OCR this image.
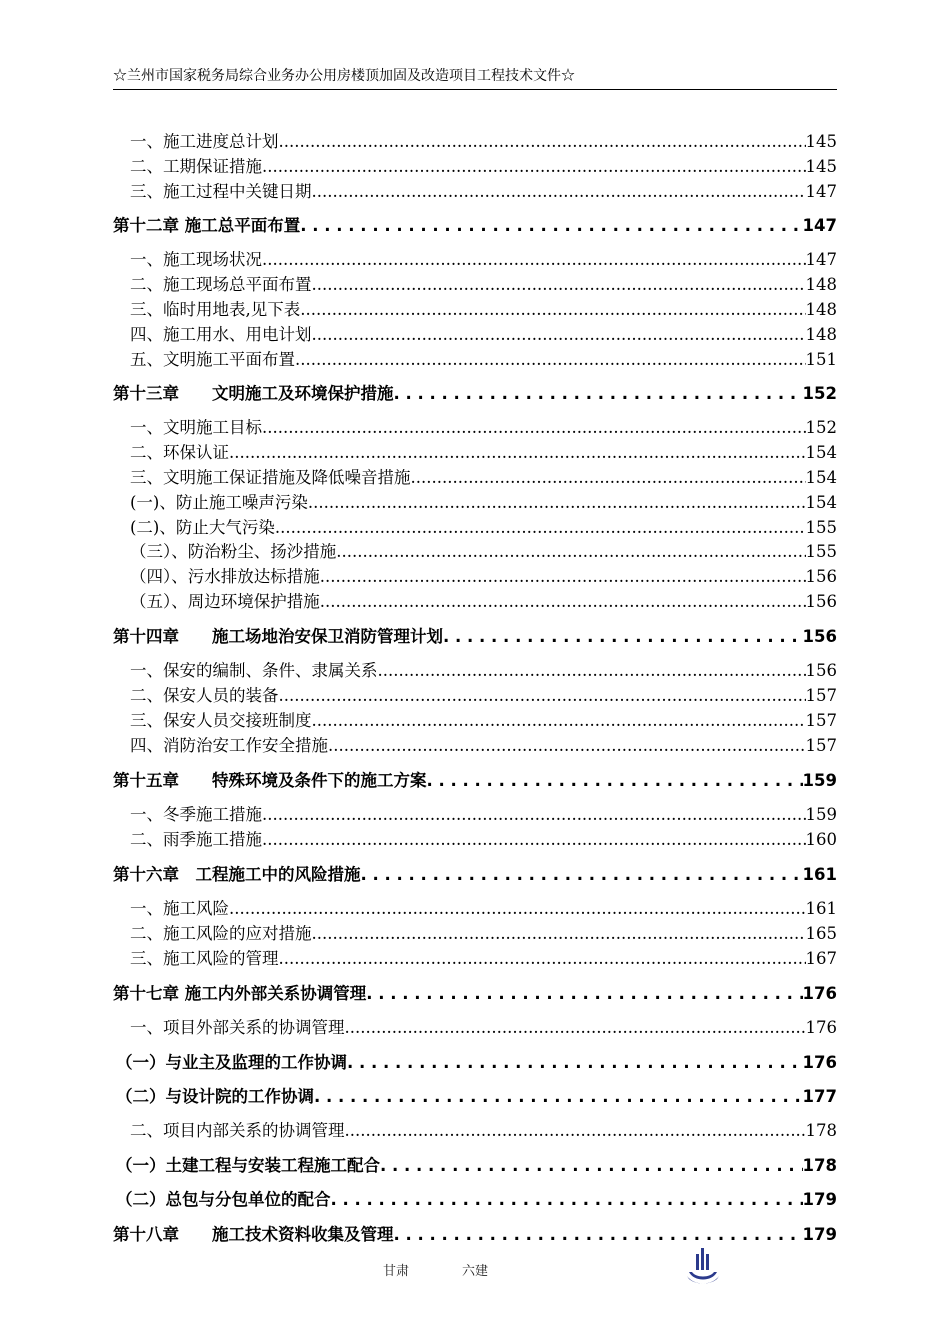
☆兰州市国家税务局综合业务办公用房楼顶加固及改造项目工程技术文件☆
一、施工进度总计划 .....	145
二、工期保证措施 .....	145
三、施工过程中关键日期 .....	147
第十二章 施工总平面布置 . . .	147
一、施工现场状况 .....	147
二、施工现场总平面布置 .....	148
三、临时用地表,见下表 .....	148
四、施工用水、用电计划 .....	148
五、文明施工平面布置 .....	151
第十三章　　文明施工及环境保护措施 . . .	152
一、文明施工目标 .....	152
二、环保认证 .....	154
三、文明施工保证措施及降低噪音措施 .....	154
(一)、防止施工噪声污染 .....	154
(二)、防止大气污染 .....	155
（三）、防治粉尘、扬沙措施 .....	155
（四）、污水排放达标措施 .....	156
（五）、周边环境保护措施 .....	156
第十四章　　施工场地治安保卫消防管理计划 . . .	156
一、保安的编制、条件、隶属关系 .....	156
二、保安人员的装备 .....	157
三、保安人员交接班制度 .....	157
四、消防治安工作安全措施 .....	157
第十五章　　特殊环境及条件下的施工方案 . . .	159
一、冬季施工措施 .....	159
二、雨季施工措施 .....	160
第十六章　工程施工中的风险措施 . . .	161
一、施工风险 .....	161
二、施工风险的应对措施 .....	165
三、施工风险的管理 .....	167
第十七章 施工内外部关系协调管理 . . .	176
一、项目外部关系的协调管理 .....	176
（一）与业主及监理的工作协调 . . .	176
（二）与设计院的工作协调 . . .	177
二、项目内部关系的协调管理 .....	178
（一）土建工程与安装工程施工配合 . . .	178
（二）总包与分包单位的配合 . . .	179
第十八章　　施工技术资料收集及管理 . . .	179
甘肃	六建
